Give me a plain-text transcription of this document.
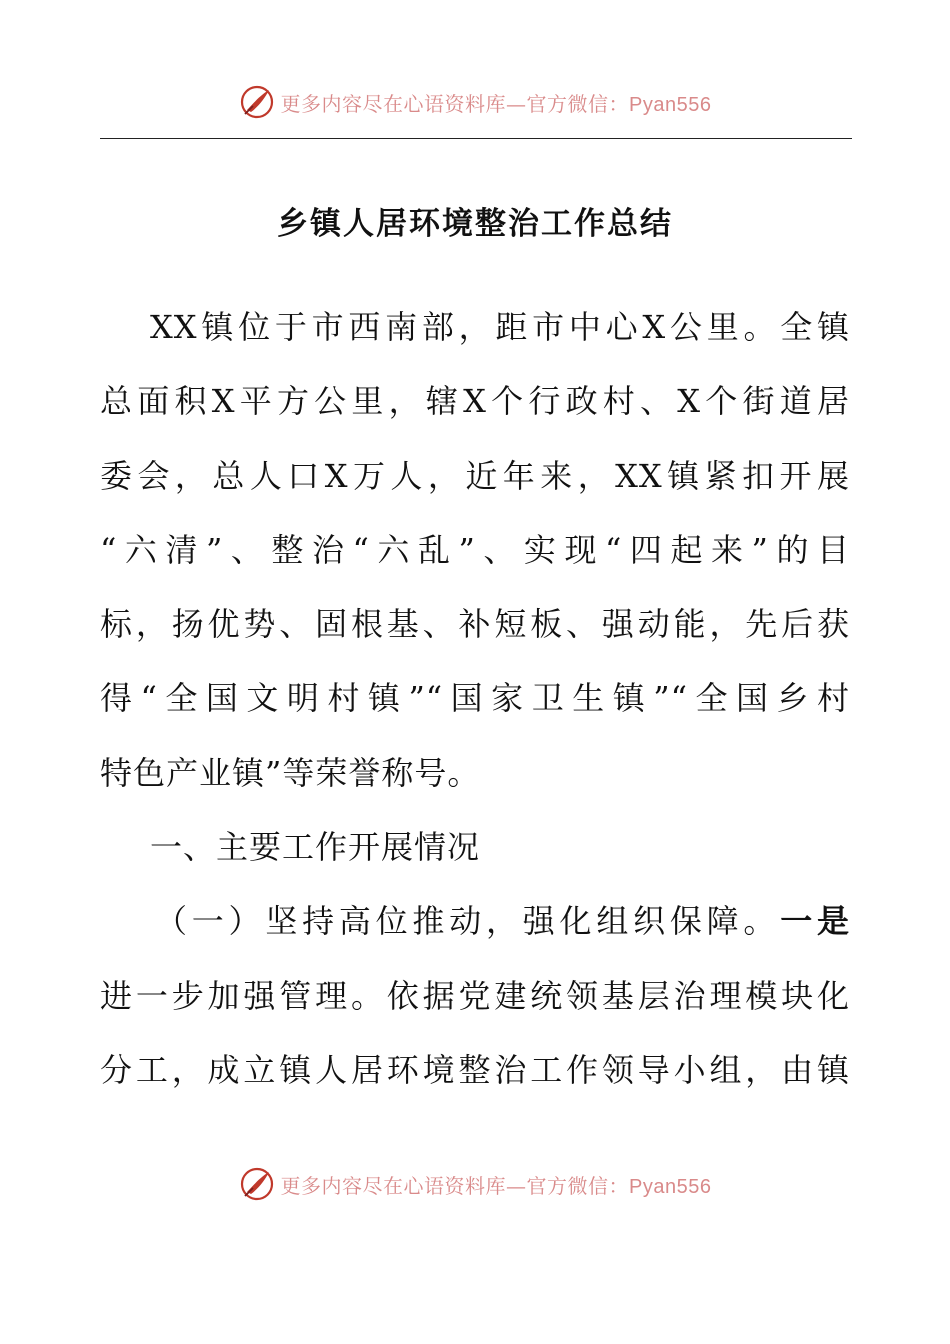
更多内容尽在心语资料库—官方微信：Pyan556
乡镇人居环境整治工作总结
XX镇位于市西南部，距市中心X公里。全镇
总面积X平方公里，辖X个行政村、X个街道居
委会，总人口X万人，近年来，XX镇紧扣开展
“六清”、整治“六乱”、实现“四起来”的目
标，扬优势、固根基、补短板、强动能，先后获
得“全国文明村镇”“国家卫生镇”“全国乡村
特色产业镇”等荣誉称号。
一、主要工作开展情况
（一）坚持高位推动，强化组织保障。一是
进一步加强管理。依据党建统领基层治理模块化
分工，成立镇人居环境整治工作领导小组，由镇
更多内容尽在心语资料库—官方微信：Pyan556
